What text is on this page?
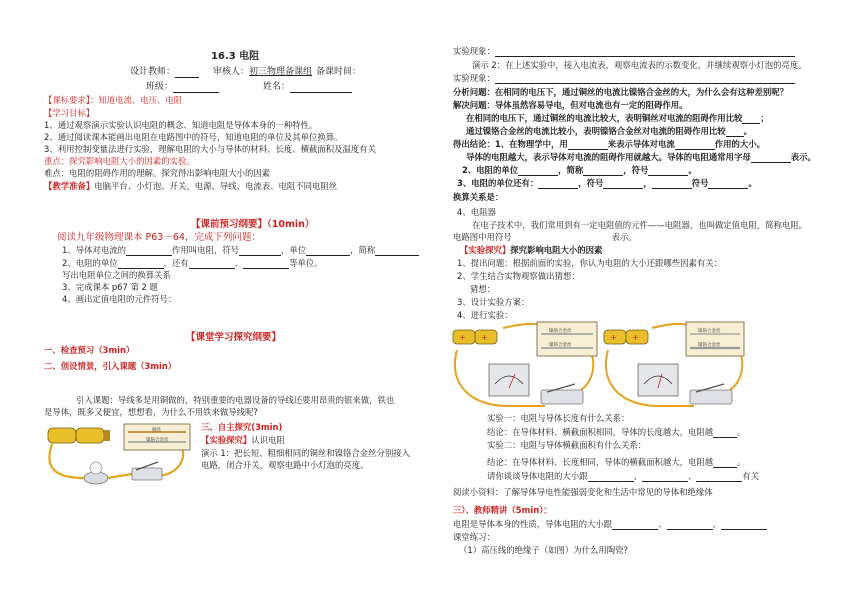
16.3 电阻
设计教师：	审核人：初三物理备课组 备课时间：
班级：	姓名：
【课标要求】：知道电流、电压、电阻
【学习目标】
1、通过观察演示实验认识电阻的概念、知道电阻是导体本身的一种特性。
2、通过阅读课本能画出电阻在电路图中的符号，知道电阻的单位及其单位换算。
3、利用控制变量法进行实验，理解电阻的大小与导体的材料、长度、横截面积及温度有关
重点：探究影响电阻大小的因素的实验。
难点：电阻的阻碍作用的理解。探究得出影响电阻大小的因素
【教学准备】电脑平台、小灯泡、开关、电源、导线、电流表、电阻不同电阻丝
【课前预习纲要】（10min）
阅读九年级物理课本 P63－64，完成下列问题：
1、导体对电流的	作用叫电阻，符号	，单位	，简称
2、电阻的单位	，还有	、	等单位。
写出电阻单位之间的换算关系
3、完成课本 p67 第 2 题
4、画出定值电阻的元件符号：
【课堂学习探究纲要】
一、检查预习（3min）
二、创设情景，引入课题（3min）
引入课题：导线多是用铜做的，特别重要的电器设备的导线还要用昂贵的银来做，铁也
是导体，既多又便宜，想想看，为什么不用铁来做导线呢?
铜丝
镍铬合金丝
三、自主探究(3min)
【实验探究】认识电阻
演示 1：把长短、粗细相同的铜丝和镍铬合金丝分别接入
电路，闭合开关，观察电路中小灯泡的亮度。
实验现象：
演示 2：在上述实验中，接入电流表，观察电流表的示数变化，并继续观察小灯泡的亮度。
实验现象：
分析问题：在相同的电压下，通过铜丝的电流比镍铬合金丝的大，为什么会有这种差别呢？
解决问题：导体虽然容易导电，但对电流也有一定的阻碍作用。
在相同的电压下，通过铜丝的电流比较大，表明铜丝对电流的阻碍作用比较 ；
通过镍铬合金丝的电流比较小，表明镍铬合金丝对电流的阻碍作用比较 。
得出结论：1、在物理学中，用	来表示导体对电流	作用的大小。
导体的电阻越大，表示导体对电流的阻碍作用就越大。导体的电阻通常用字母	表示。
2、电阻的单位	，简称	，符号	。
3、电阻的单位还有：	，符号	，	符号	。
换算关系是：
4、电阻器
在电子技术中，我们常用到有一定电阻值的元件——电阻器，也叫做定值电阻，简称电阻。
电路图中用符号	表示。
【实验探究】探究影响电阻大小的因素
1、提出问题：根据前面的实验，你认为电阻的大小还跟哪些因素有关：
2、学生结合实物观察做出猜想：
猜想：
3、设计实验方案：
4、进行实验：
+ +
镍铬合金丝
镍铬合金丝
+ +
镍铬合金丝
镍铬合金丝
实验一：电阻与导体长度有什么关系：
结论：在导体材料、横截面积相同，导体的长度越大，电阻越	。
实验二：电阻与导体横截面积有什么关系：
结论：在导体材料、长度相同，导体的横截面积越大，电阻越	。
请你谈谈导体电阻的大小跟	、	、	有关
阅读小资料：了解导体导电性能强弱变化和生活中常见的导体和绝缘体
三）、教师精讲（5min）：
电阻是导体本身的性质，导体电阻的大小跟	、	、
课堂练习：
（1）高压线的绝缘子（如图）为什么用陶瓷?
